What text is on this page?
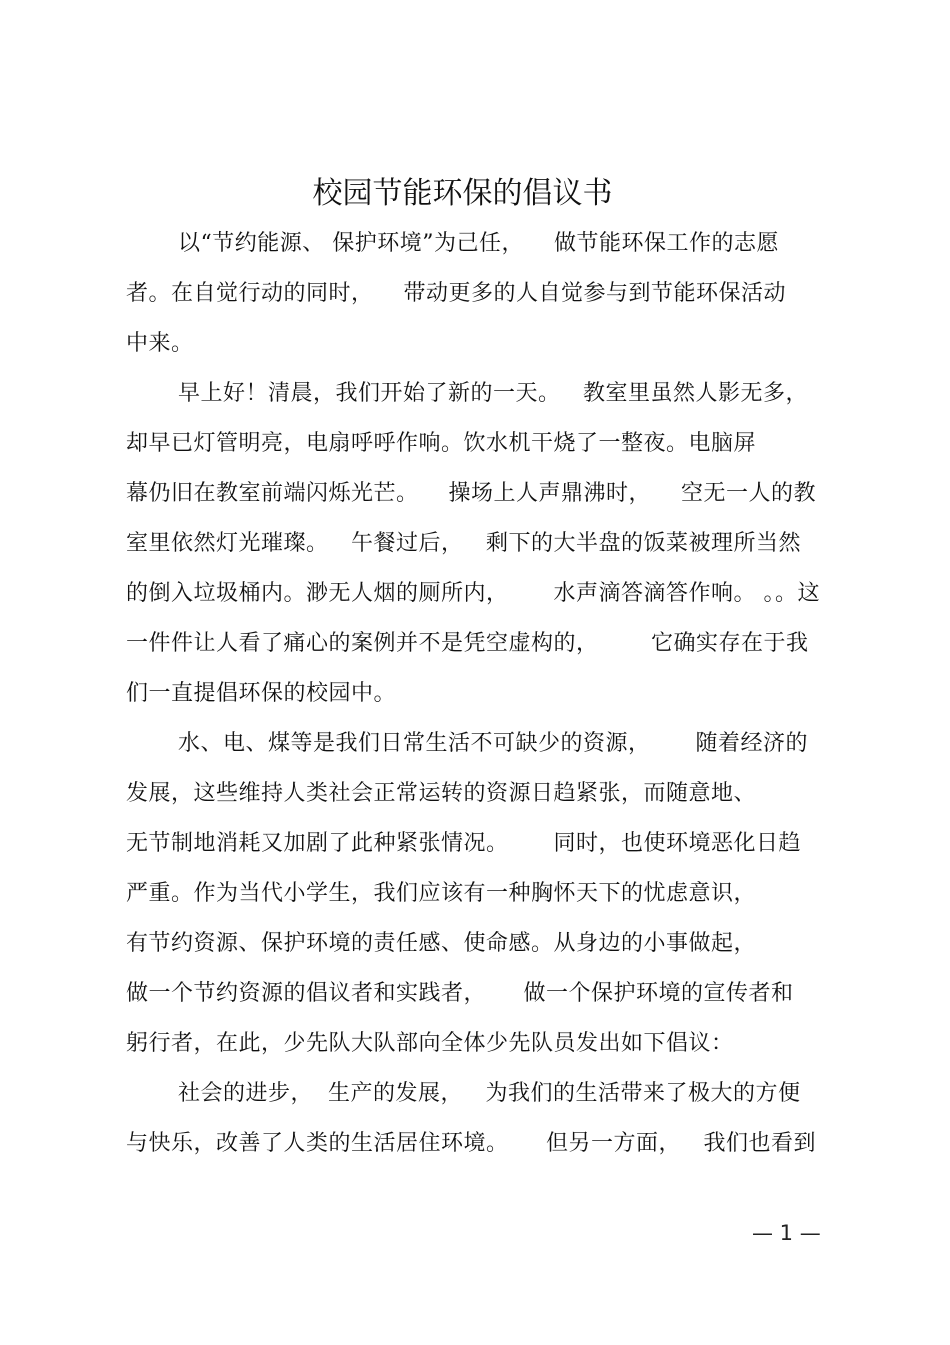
校园节能环保的倡议书
以“节约能源、 保护环境”为己任，    做节能环保工作的志愿
者。在自觉行动的同时，    带动更多的人自觉参与到节能环保活动
中来。
早上好！清晨，我们开始了新的一天。   教室里虽然人影无多，
却早已灯管明亮，电扇呼呼作响。饮水机干烧了一整夜。电脑屏
幕仍旧在教室前端闪烁光芒。    操场上人声鼎沸时，    空无一人的教
室里依然灯光璀璨。   午餐过后，   剩下的大半盘的饭菜被理所当然
的倒入垃圾桶内。渺无人烟的厕所内，      水声滴答滴答作响。 。。这
一件件让人看了痛心的案例并不是凭空虚构的，       它确实存在于我
们一直提倡环保的校园中。
水、电、煤等是我们日常生活不可缺少的资源，      随着经济的
发展，这些维持人类社会正常运转的资源日趋紧张，而随意地、
无节制地消耗又加剧了此种紧张情况。      同时，也使环境恶化日趋
严重。作为当代小学生，我们应该有一种胸怀天下的忧虑意识，
有节约资源、保护环境的责任感、使命感。从身边的小事做起，
做一个节约资源的倡议者和实践者，     做一个保护环境的宣传者和
躬行者，在此，少先队大队部向全体少先队员发出如下倡议：
社会的进步，  生产的发展，   为我们的生活带来了极大的方便
与快乐，改善了人类的生活居住环境。     但另一方面，   我们也看到
— 1 —
